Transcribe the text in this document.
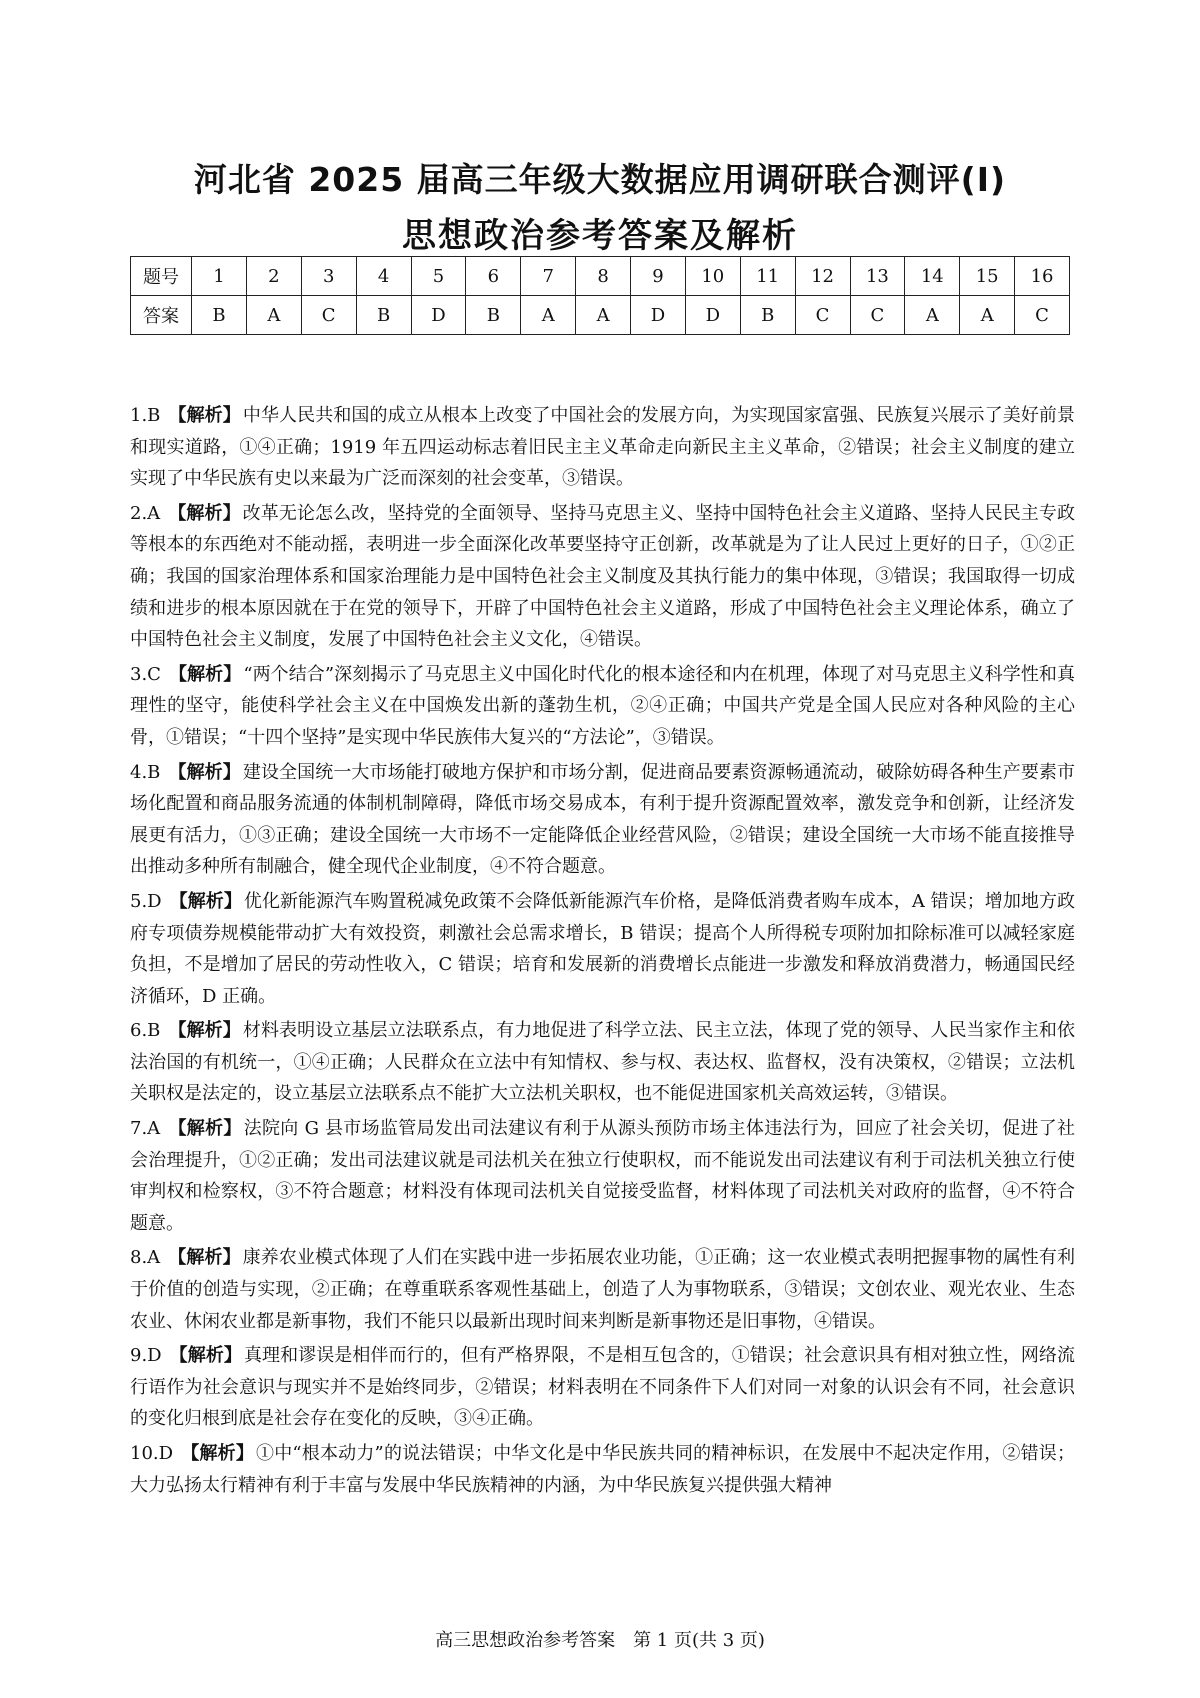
河北省 2025 届高三年级大数据应用调研联合测评(Ⅰ)
思想政治参考答案及解析
题号	1	2	3	4	5	6	7	8	9	10	11	12	13	14	15	16
答案	B	A	C	B	D	B	A	A	D	D	B	C	C	A	A	C
1.B 【解析】 中华人民共和国的成立从根本上改变了中国社会的发展方向，为实现国家富强、民族复兴展示了美好前景和现实道路，①④正确；1919 年五四运动标志着旧民主主义革命走向新民主主义革命，②错误；社会主义制度的建立实现了中华民族有史以来最为广泛而深刻的社会变革，③错误。

2.A 【解析】 改革无论怎么改，坚持党的全面领导、坚持马克思主义、坚持中国特色社会主义道路、坚持人民民主专政等根本的东西绝对不能动摇，表明进一步全面深化改革要坚持守正创新，改革就是为了让人民过上更好的日子，①②正确；我国的国家治理体系和国家治理能力是中国特色社会主义制度及其执行能力的集中体现，③错误；我国取得一切成绩和进步的根本原因就在于在党的领导下，开辟了中国特色社会主义道路，形成了中国特色社会主义理论体系，确立了中国特色社会主义制度，发展了中国特色社会主义文化，④错误。

3.C 【解析】 “两个结合”深刻揭示了马克思主义中国化时代化的根本途径和内在机理，体现了对马克思主义科学性和真理性的坚守，能使科学社会主义在中国焕发出新的蓬勃生机，②④正确；中国共产党是全国人民应对各种风险的主心骨，①错误；“十四个坚持”是实现中华民族伟大复兴的“方法论”，③错误。

4.B 【解析】 建设全国统一大市场能打破地方保护和市场分割，促进商品要素资源畅通流动，破除妨碍各种生产要素市场化配置和商品服务流通的体制机制障碍，降低市场交易成本，有利于提升资源配置效率，激发竞争和创新，让经济发展更有活力，①③正确；建设全国统一大市场不一定能降低企业经营风险，②错误；建设全国统一大市场不能直接推导出推动多种所有制融合，健全现代企业制度，④不符合题意。

5.D 【解析】 优化新能源汽车购置税减免政策不会降低新能源汽车价格，是降低消费者购车成本，A 错误；增加地方政府专项债券规模能带动扩大有效投资，刺激社会总需求增长，B 错误；提高个人所得税专项附加扣除标准可以减轻家庭负担，不是增加了居民的劳动性收入，C 错误；培育和发展新的消费增长点能进一步激发和释放消费潜力，畅通国民经济循环，D 正确。

6.B 【解析】 材料表明设立基层立法联系点，有力地促进了科学立法、民主立法，体现了党的领导、人民当家作主和依法治国的有机统一，①④正确；人民群众在立法中有知情权、参与权、表达权、监督权，没有决策权，②错误；立法机关职权是法定的，设立基层立法联系点不能扩大立法机关职权，也不能促进国家机关高效运转，③错误。

7.A 【解析】 法院向 G 县市场监管局发出司法建议有利于从源头预防市场主体违法行为，回应了社会关切，促进了社会治理提升，①②正确；发出司法建议就是司法机关在独立行使职权，而不能说发出司法建议有利于司法机关独立行使审判权和检察权，③不符合题意；材料没有体现司法机关自觉接受监督，材料体现了司法机关对政府的监督，④不符合题意。

8.A 【解析】 康养农业模式体现了人们在实践中进一步拓展农业功能，①正确；这一农业模式表明把握事物的属性有利于价值的创造与实现，②正确；在尊重联系客观性基础上，创造了人为事物联系，③错误；文创农业、观光农业、生态农业、休闲农业都是新事物，我们不能只以最新出现时间来判断是新事物还是旧事物，④错误。

9.D 【解析】 真理和谬误是相伴而行的，但有严格界限，不是相互包含的，①错误；社会意识具有相对独立性，网络流行语作为社会意识与现实并不是始终同步，②错误；材料表明在不同条件下人们对同一对象的认识会有不同，社会意识的变化归根到底是社会存在变化的反映，③④正确。

10.D 【解析】 ①中“根本动力”的说法错误；中华文化是中华民族共同的精神标识，在发展中不起决定作用，②错误；大力弘扬太行精神有利于丰富与发展中华民族精神的内涵，为中华民族复兴提供强大精神

高三思想政治参考答案　第 1 页(共 3 页)
